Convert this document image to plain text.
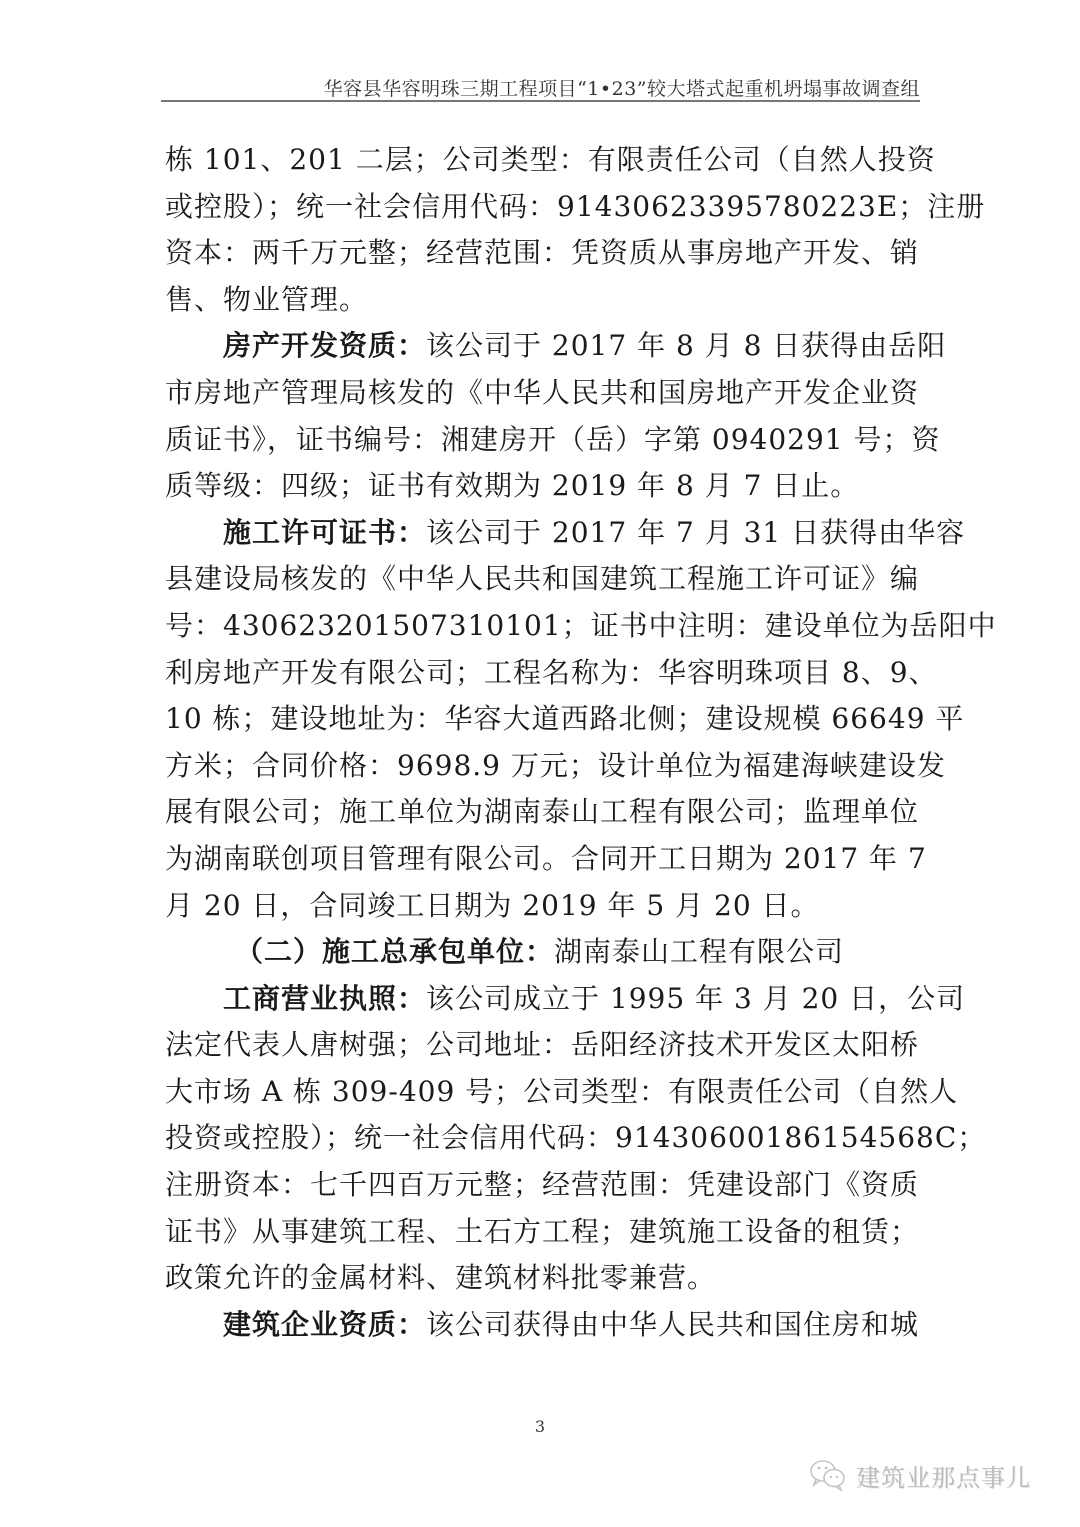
华容县华容明珠三期工程项目“1•23”较大塔式起重机坍塌事故调查组
栋 101、201 二层；公司类型：有限责任公司（自然人投资
或控股）；统一社会信用代码：91430623395780223E；注册
资本：两千万元整；经营范围：凭资质从事房地产开发、销
售、物业管理。
房产开发资质：该公司于 2017 年 8 月 8 日获得由岳阳
市房地产管理局核发的《中华人民共和国房地产开发企业资
质证书》，证书编号：湘建房开（岳）字第 0940291 号；资
质等级：四级；证书有效期为 2019 年 8 月 7 日止。
施工许可证书：该公司于 2017 年 7 月 31 日获得由华容
县建设局核发的《中华人民共和国建筑工程施工许可证》编
号：430623201507310101；证书中注明：建设单位为岳阳中
利房地产开发有限公司；工程名称为：华容明珠项目 8、9、
10 栋；建设地址为：华容大道西路北侧；建设规模 66649 平
方米；合同价格：9698.9 万元；设计单位为福建海峡建设发
展有限公司；施工单位为湖南泰山工程有限公司；监理单位
为湖南联创项目管理有限公司。合同开工日期为 2017 年 7
月 20 日，合同竣工日期为 2019 年 5 月 20 日。
（二）施工总承包单位：湖南泰山工程有限公司
工商营业执照：该公司成立于 1995 年 3 月 20 日，公司
法定代表人唐树强；公司地址：岳阳经济技术开发区太阳桥
大市场 A 栋 309-409 号；公司类型：有限责任公司（自然人
投资或控股）；统一社会信用代码：91430600186154568C；
注册资本：七千四百万元整；经营范围：凭建设部门《资质
证书》从事建筑工程、土石方工程；建筑施工设备的租赁；
政策允许的金属材料、建筑材料批零兼营。
建筑企业资质：该公司获得由中华人民共和国住房和城
3
建筑业那点事儿
